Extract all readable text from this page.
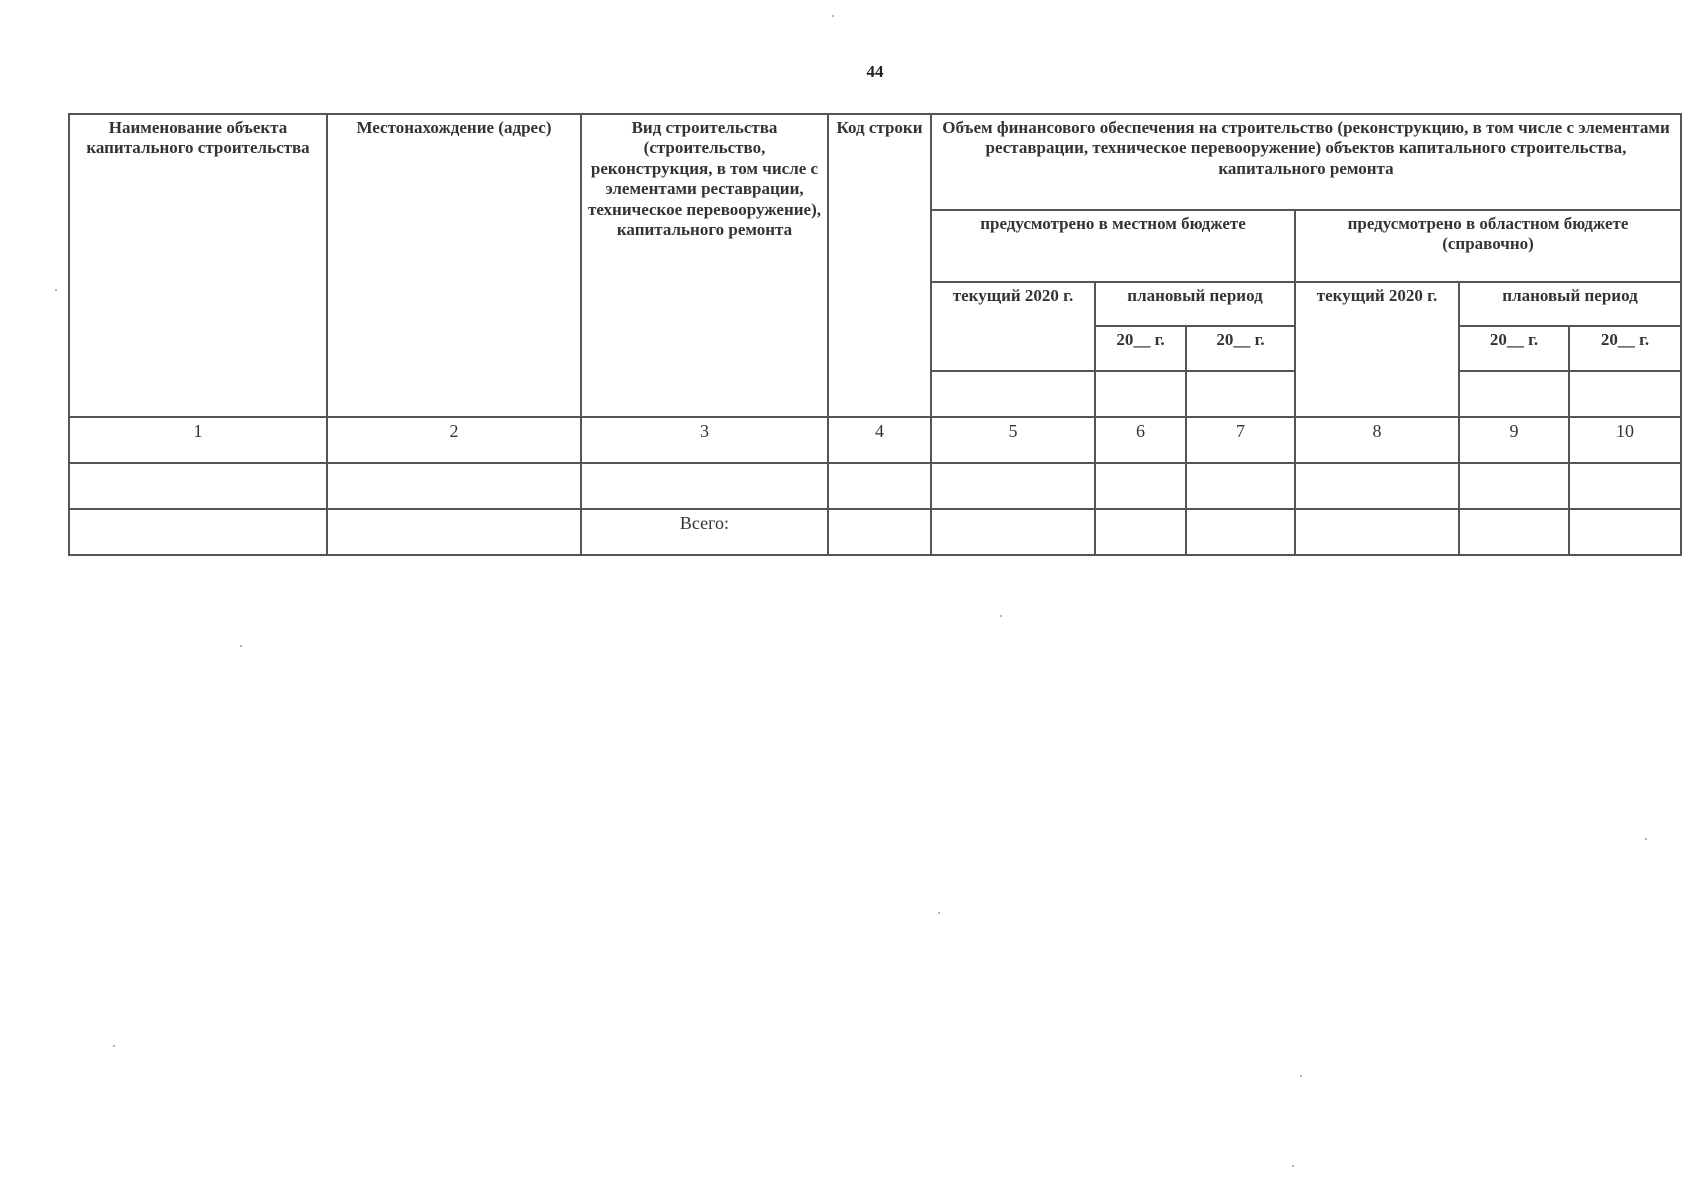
44
Наименование объекта капитального строительства	Местонахождение (адрес)	Вид строительства (строительство, реконструкция, в том числе с элементами реставрации, техническое перевооружение), капитального ремонта	Код строки	Объем финансового обеспечения на строительство (реконструкцию, в том числе с элементами реставрации, техническое перевооружение) объектов капитального строительства, капитального ремонта					
				предусмотрено в местном бюджете			предусмотрено в областном бюджете (справочно)		
				текущий 2020 г.	плановый период		текущий 2020 г.	плановый период	
					20__ г.	20__ г.		20__ г.	20__ г.

1	2	3	4	5	6	7	8	9	10

		Всего:							
